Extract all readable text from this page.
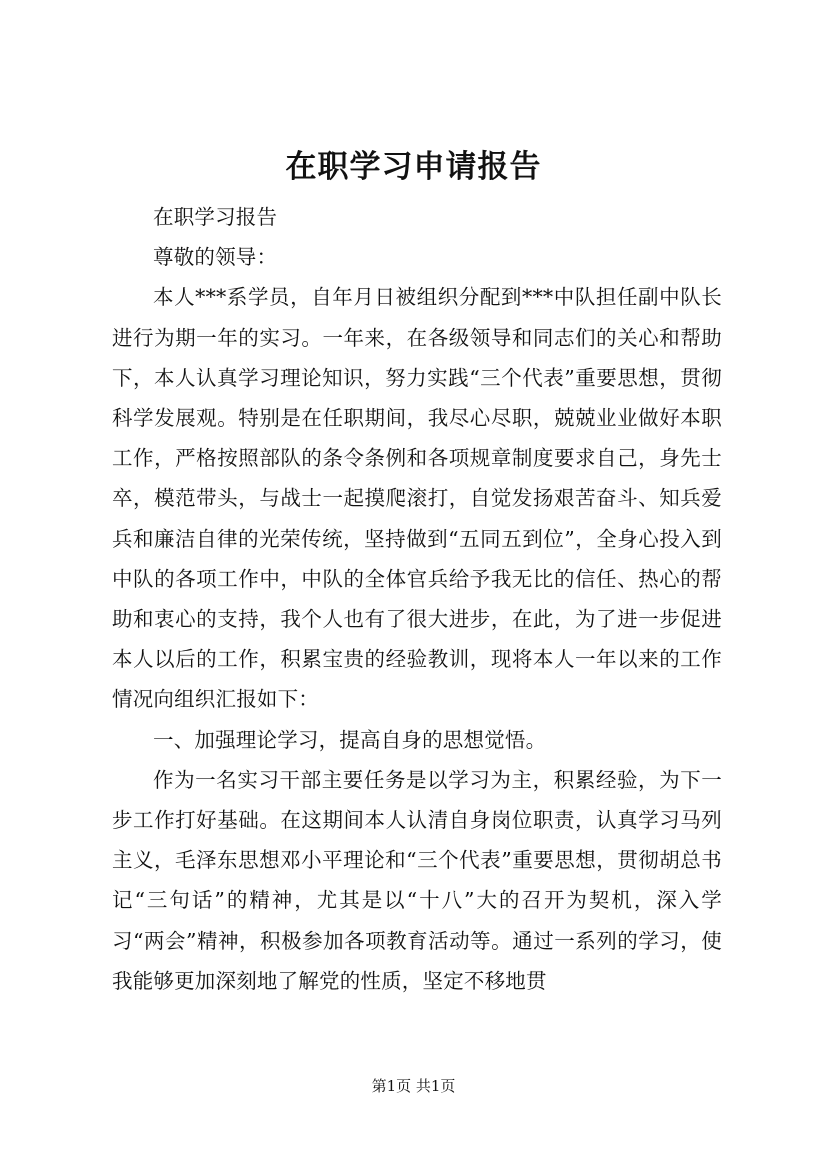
在职学习申请报告

在职学习报告

尊敬的领导：

本人***系学员，自年月日被组织分配到***中队担任副中队长进行为期一年的实习。一年来，在各级领导和同志们的关心和帮助下，本人认真学习理论知识，努力实践“三个代表”重要思想，贯彻科学发展观。特别是在任职期间，我尽心尽职，兢兢业业做好本职工作，严格按照部队的条令条例和各项规章制度要求自己，身先士卒，模范带头，与战士一起摸爬滚打，自觉发扬艰苦奋斗、知兵爱兵和廉洁自律的光荣传统，坚持做到“五同五到位”，全身心投入到中队的各项工作中，中队的全体官兵给予我无比的信任、热心的帮助和衷心的支持，我个人也有了很大进步，在此，为了进一步促进本人以后的工作，积累宝贵的经验教训，现将本人一年以来的工作情况向组织汇报如下：

一、加强理论学习，提高自身的思想觉悟。

作为一名实习干部主要任务是以学习为主，积累经验，为下一步工作打好基础。在这期间本人认清自身岗位职责，认真学习马列主义，毛泽东思想邓小平理论和“三个代表”重要思想，贯彻胡总书记“三句话”的精神，尤其是以“十八”大的召开为契机，深入学习“两会”精神，积极参加各项教育活动等。通过一系列的学习，使我能够更加深刻地了解党的性质，坚定不移地贯

第1页 共1页
